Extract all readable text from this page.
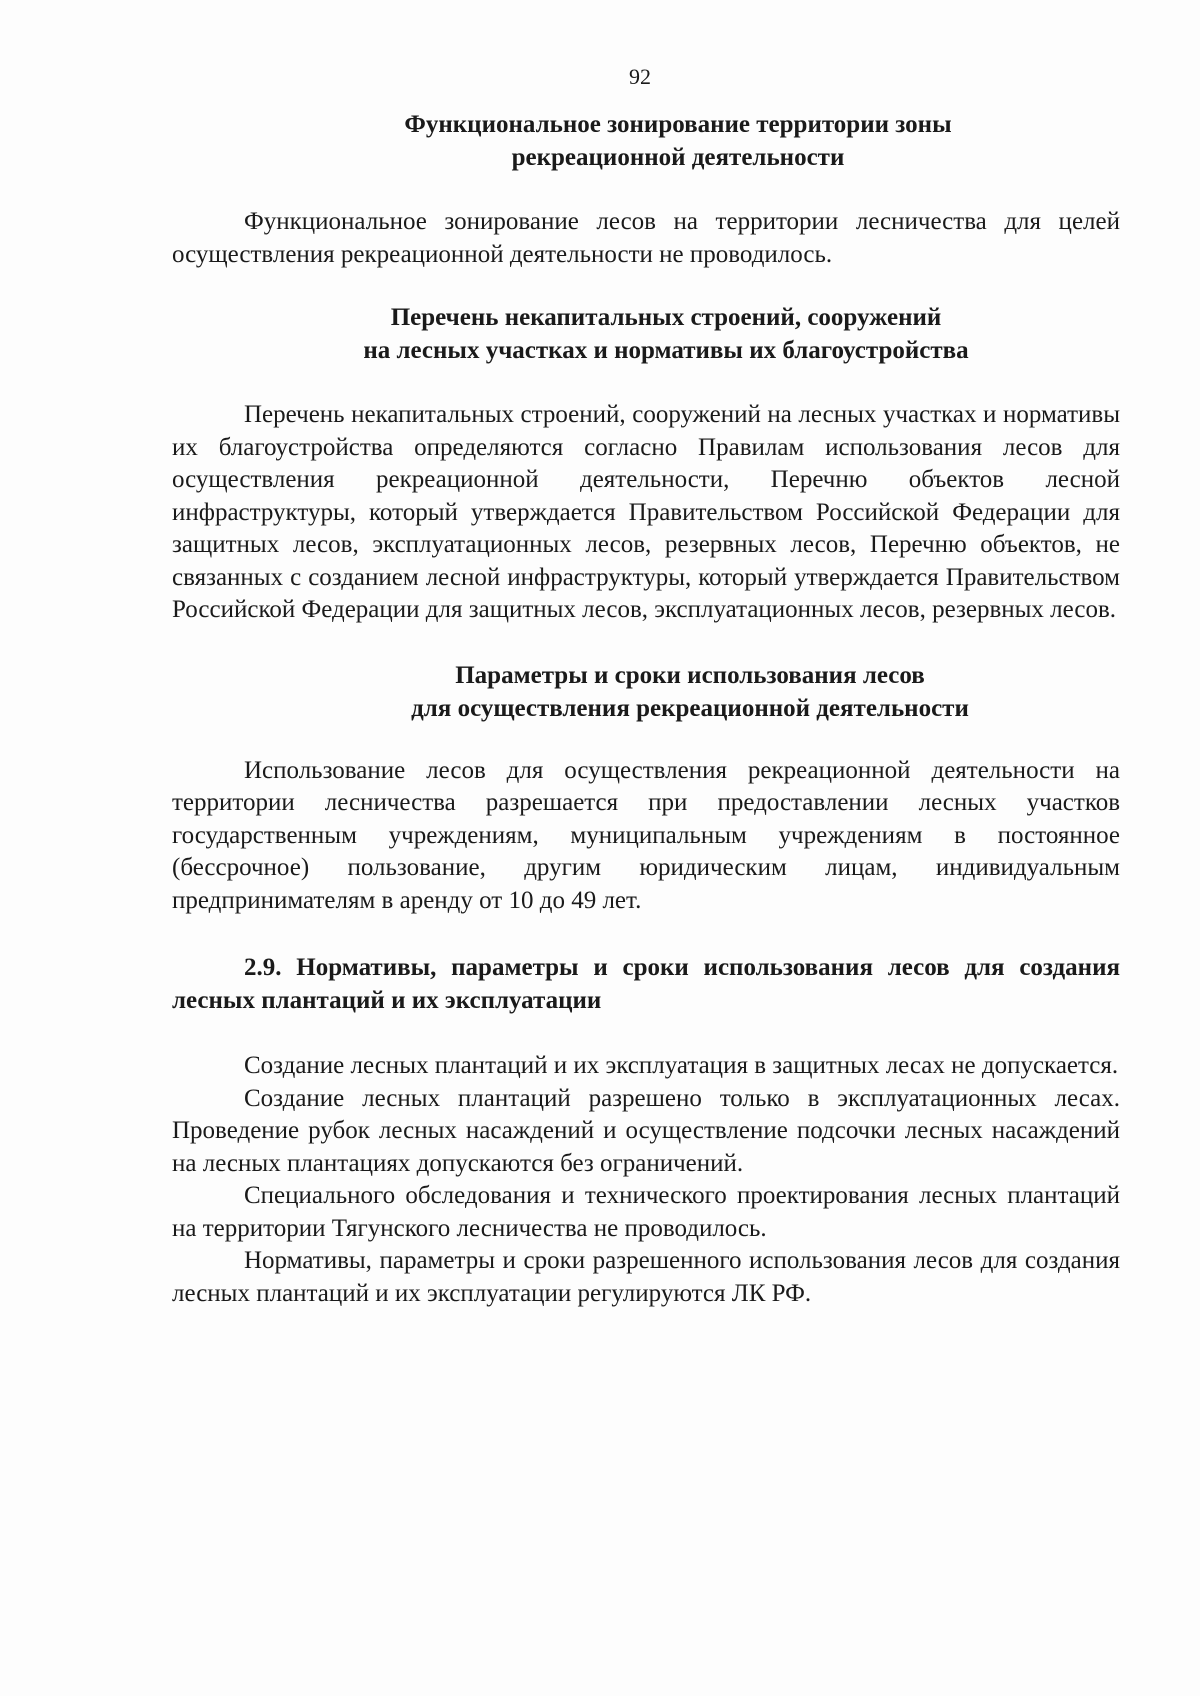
92
Функциональное зонирование территории зоны
рекреационной деятельности

Функциональное зонирование лесов на территории лесничества для целей осуществления рекреационной деятельности не проводилось.

Перечень некапитальных строений, сооружений
на лесных участках и нормативы их благоустройства

Перечень некапитальных строений, сооружений на лесных участках и нормативы их благоустройства определяются согласно Правилам использования лесов для осуществления рекреационной деятельности, Перечню объектов лесной инфраструктуры, который утверждается Правительством Российской Федерации для защитных лесов, эксплуатационных лесов, резервных лесов, Перечню объектов, не связанных с созданием лесной инфраструктуры, который утверждается Правительством Российской Федерации для защитных лесов, эксплуатационных лесов, резервных лесов.

Параметры и сроки использования лесов
для осуществления рекреационной деятельности

Использование лесов для осуществления рекреационной деятельности на территории лесничества разрешается при предоставлении лесных участков государственным учреждениям, муниципальным учреждениям в постоянное (бессрочное) пользование, другим юридическим лицам, индивидуальным предпринимателям в аренду от 10 до 49 лет.

2.9. Нормативы, параметры и сроки использования лесов для создания лесных плантаций и их эксплуатации

Создание лесных плантаций и их эксплуатация в защитных лесах не допускается.

Создание лесных плантаций разрешено только в эксплуатационных лесах. Проведение рубок лесных насаждений и осуществление подсочки лесных насаждений на лесных плантациях допускаются без ограничений.

Специального обследования и технического проектирования лесных плантаций на территории Тягунского лесничества не проводилось.

Нормативы, параметры и сроки разрешенного использования лесов для создания лесных плантаций и их эксплуатации регулируются ЛК РФ.
